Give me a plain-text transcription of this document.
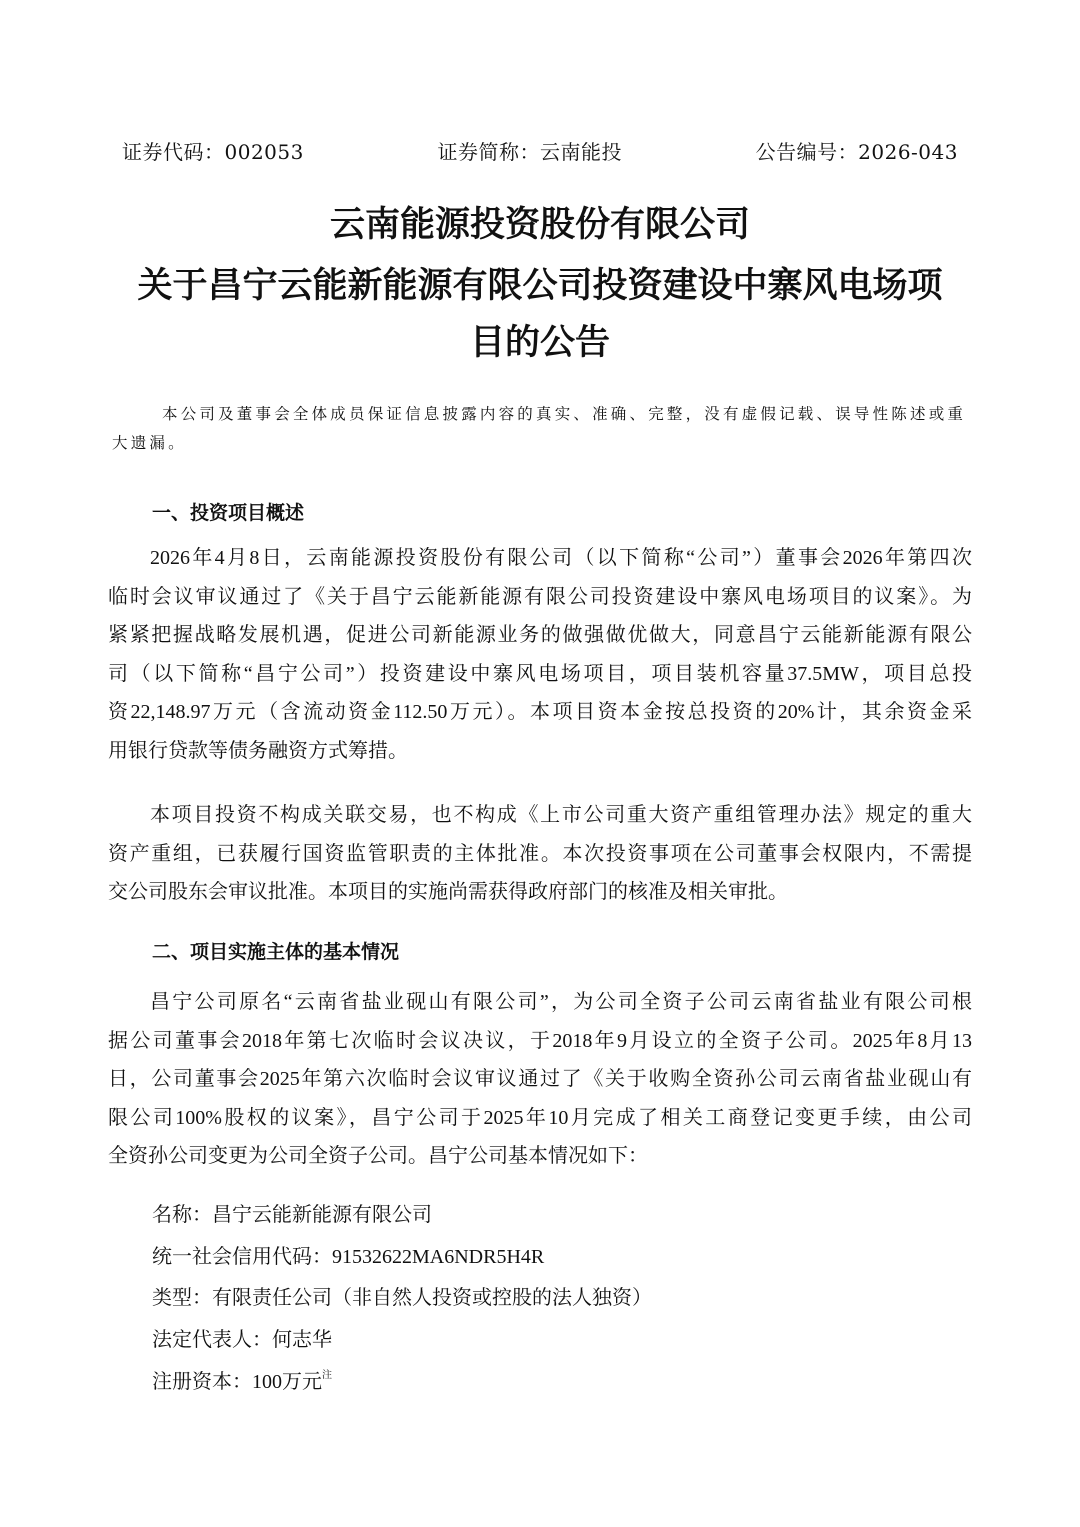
证券代码：002053	证券简称：云南能投	公告编号：2026-043
云南能源投资股份有限公司
关于昌宁云能新能源有限公司投资建设中寨风电场项
目的公告
本公司及董事会全体成员保证信息披露内容的真实、准确、完整，没有虚假记载、误导性陈述或重大遗漏。
一、投资项目概述
2026年4月8日，云南能源投资股份有限公司（以下简称“公司”）董事会2026年第四次
临时会议审议通过了《关于昌宁云能新能源有限公司投资建设中寨风电场项目的议案》。为
紧紧把握战略发展机遇，促进公司新能源业务的做强做优做大，同意昌宁云能新能源有限公
司（以下简称“昌宁公司”）投资建设中寨风电场项目，项目装机容量37.5MW，项目总投
资22,148.97万元（含流动资金112.50万元）。本项目资本金按总投资的20%计，其余资金采
用银行贷款等债务融资方式筹措。
本项目投资不构成关联交易，也不构成《上市公司重大资产重组管理办法》规定的重大
资产重组，已获履行国资监管职责的主体批准。本次投资事项在公司董事会权限内，不需提
交公司股东会审议批准。本项目的实施尚需获得政府部门的核准及相关审批。
二、项目实施主体的基本情况
昌宁公司原名“云南省盐业砚山有限公司”，为公司全资子公司云南省盐业有限公司根
据公司董事会2018年第七次临时会议决议，于2018年9月设立的全资子公司。2025年8月13
日，公司董事会2025年第六次临时会议审议通过了《关于收购全资孙公司云南省盐业砚山有
限公司100%股权的议案》，昌宁公司于2025年10月完成了相关工商登记变更手续，由公司
全资孙公司变更为公司全资子公司。昌宁公司基本情况如下：
名称：昌宁云能新能源有限公司
统一社会信用代码：91532622MA6NDR5H4R
类型：有限责任公司（非自然人投资或控股的法人独资）
法定代表人：何志华
注册资本：100万元$^注$
